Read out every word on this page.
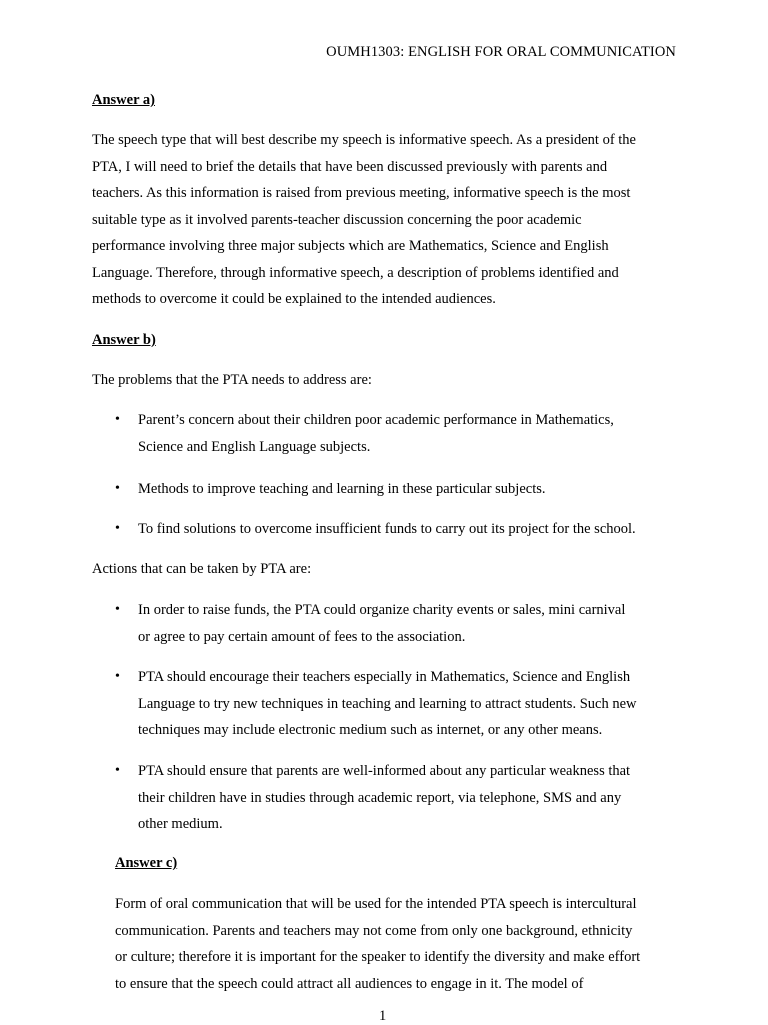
OUMH1303: ENGLISH FOR ORAL COMMUNICATION
Answer a)
The speech type that will best describe my speech is informative speech. As a president of the
PTA, I will need to brief the details that have been discussed previously with parents and
teachers. As this information is raised from previous meeting, informative speech is the most
suitable type as it involved parents-teacher discussion concerning the poor academic
performance involving three major subjects which are Mathematics, Science and English
Language. Therefore, through informative speech, a description of problems identified and
methods to overcome it could be explained to the intended audiences.
Answer b)
The problems that the PTA needs to address are:
• Parent’s concern about their children poor academic performance in Mathematics,
Science and English Language subjects.
• Methods to improve teaching and learning in these particular subjects.
• To find solutions to overcome insufficient funds to carry out its project for the school.
Actions that can be taken by PTA are:
• In order to raise funds, the PTA could organize charity events or sales, mini carnival
or agree to pay certain amount of fees to the association.
• PTA should encourage their teachers especially in Mathematics, Science and English
Language to try new techniques in teaching and learning to attract students. Such new
techniques may include electronic medium such as internet, or any other means.
• PTA should ensure that parents are well-informed about any particular weakness that
their children have in studies through academic report, via telephone, SMS and any
other medium.
Answer c)
Form of oral communication that will be used for the intended PTA speech is intercultural
communication. Parents and teachers may not come from only one background, ethnicity
or culture; therefore it is important for the speaker to identify the diversity and make effort
to ensure that the speech could attract all audiences to engage in it. The model of
1
